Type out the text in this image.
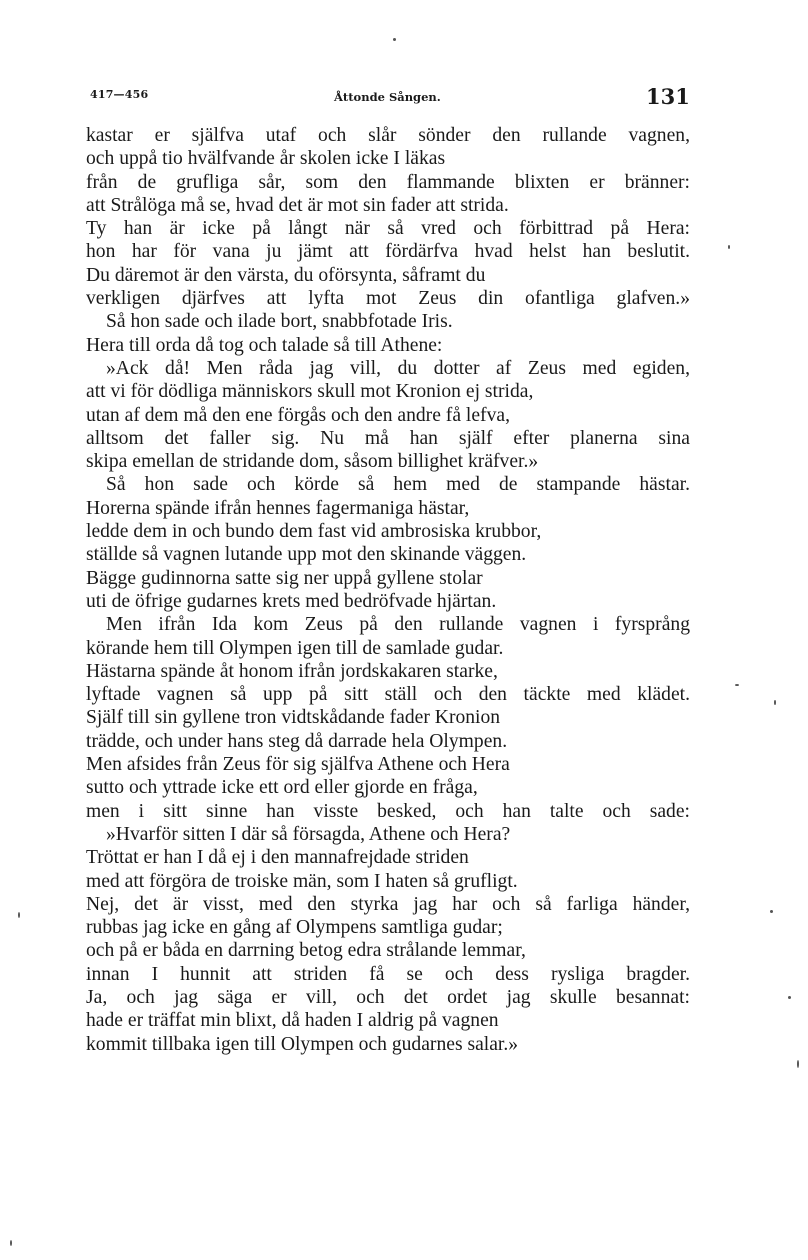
417—456	Åttonde Sången.	131
kastar er själfva utaf och slår sönder den rullande vagnen,
och uppå tio hvälfvande år skolen icke I läkas
från de grufliga sår, som den flammande blixten er bränner:
att Strålöga må se, hvad det är mot sin fader att strida.
Ty han är icke på långt när så vred och förbittrad på Hera:
hon har för vana ju jämt att fördärfva hvad helst han beslutit.
Du däremot är den värsta, du oförsynta, såframt du
verkligen djärfves att lyfta mot Zeus din ofantliga glafven.»
Så hon sade och ilade bort, snabbfotade Iris.
Hera till orda då tog och talade så till Athene:
»Ack då! Men råda jag vill, du dotter af Zeus med egiden,
att vi för dödliga människors skull mot Kronion ej strida,
utan af dem må den ene förgås och den andre få lefva,
alltsom det faller sig. Nu må han själf efter planerna sina
skipa emellan de stridande dom, såsom billighet kräfver.»
Så hon sade och körde så hem med de stampande hästar.
Horerna spände ifrån hennes fagermaniga hästar,
ledde dem in och bundo dem fast vid ambrosiska krubbor,
ställde så vagnen lutande upp mot den skinande väggen.
Bägge gudinnorna satte sig ner uppå gyllene stolar
uti de öfrige gudarnes krets med bedröfvade hjärtan.
Men ifrån Ida kom Zeus på den rullande vagnen i fyrsprång
körande hem till Olympen igen till de samlade gudar.
Hästarna spände åt honom ifrån jordskakaren starke,
lyftade vagnen så upp på sitt ställ och den täckte med klädet.
Själf till sin gyllene tron vidtskådande fader Kronion
trädde, och under hans steg då darrade hela Olympen.
Men afsides från Zeus för sig själfva Athene och Hera
sutto och yttrade icke ett ord eller gjorde en fråga,
men i sitt sinne han visste besked, och han talte och sade:
»Hvarför sitten I där så försagda, Athene och Hera?
Tröttat er han I då ej i den mannafrejdade striden
med att förgöra de troiske män, som I haten så grufligt.
Nej, det är visst, med den styrka jag har och så farliga händer,
rubbas jag icke en gång af Olympens samtliga gudar;
och på er båda en darrning betog edra strålande lemmar,
innan I hunnit att striden få se och dess rysliga bragder.
Ja, och jag säga er vill, och det ordet jag skulle besannat:
hade er träffat min blixt, då haden I aldrig på vagnen
kommit tillbaka igen till Olympen och gudarnes salar.»
